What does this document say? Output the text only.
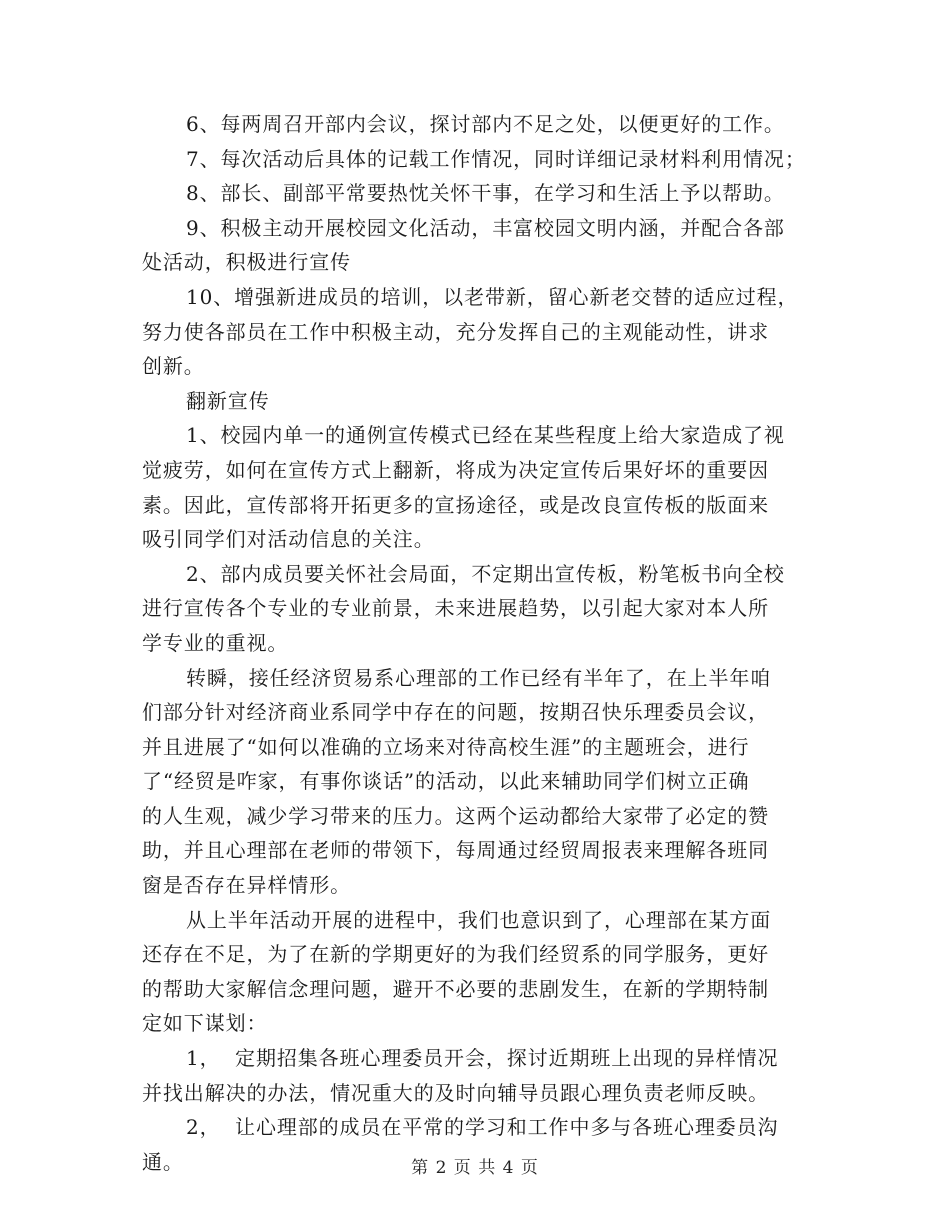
6、每两周召开部内会议，探讨部内不足之处，以便更好的工作。
7、每次活动后具体的记载工作情况，同时详细记录材料利用情况；
8、部长、副部平常要热忱关怀干事，在学习和生活上予以帮助。
9、积极主动开展校园文化活动，丰富校园文明内涵，并配合各部
处活动，积极进行宣传
10、增强新进成员的培训，以老带新，留心新老交替的适应过程，
努力使各部员在工作中积极主动，充分发挥自己的主观能动性，讲求
创新。
翻新宣传
1、校园内单一的通例宣传模式已经在某些程度上给大家造成了视
觉疲劳，如何在宣传方式上翻新，将成为决定宣传后果好坏的重要因
素。因此，宣传部将开拓更多的宣扬途径，或是改良宣传板的版面来
吸引同学们对活动信息的关注。
2、部内成员要关怀社会局面，不定期出宣传板，粉笔板书向全校
进行宣传各个专业的专业前景，未来进展趋势，以引起大家对本人所
学专业的重视。
转瞬，接任经济贸易系心理部的工作已经有半年了，在上半年咱
们部分针对经济商业系同学中存在的问题，按期召快乐理委员会议，
并且进展了“如何以准确的立场来对待高校生涯”的主题班会，进行
了“经贸是咋家，有事你谈话”的活动，以此来辅助同学们树立正确
的人生观，减少学习带来的压力。这两个运动都给大家带了必定的赞
助，并且心理部在老师的带领下，每周通过经贸周报表来理解各班同
窗是否存在异样情形。
从上半年活动开展的进程中，我们也意识到了，心理部在某方面
还存在不足，为了在新的学期更好的为我们经贸系的同学服务，更好
的帮助大家解信念理问题，避开不必要的悲剧发生，在新的学期特制
定如下谋划：
1，  定期招集各班心理委员开会，探讨近期班上出现的异样情况
并找出解决的办法，情况重大的及时向辅导员跟心理负责老师反映。
2，  让心理部的成员在平常的学习和工作中多与各班心理委员沟
通。	第 2 页 共 4 页
